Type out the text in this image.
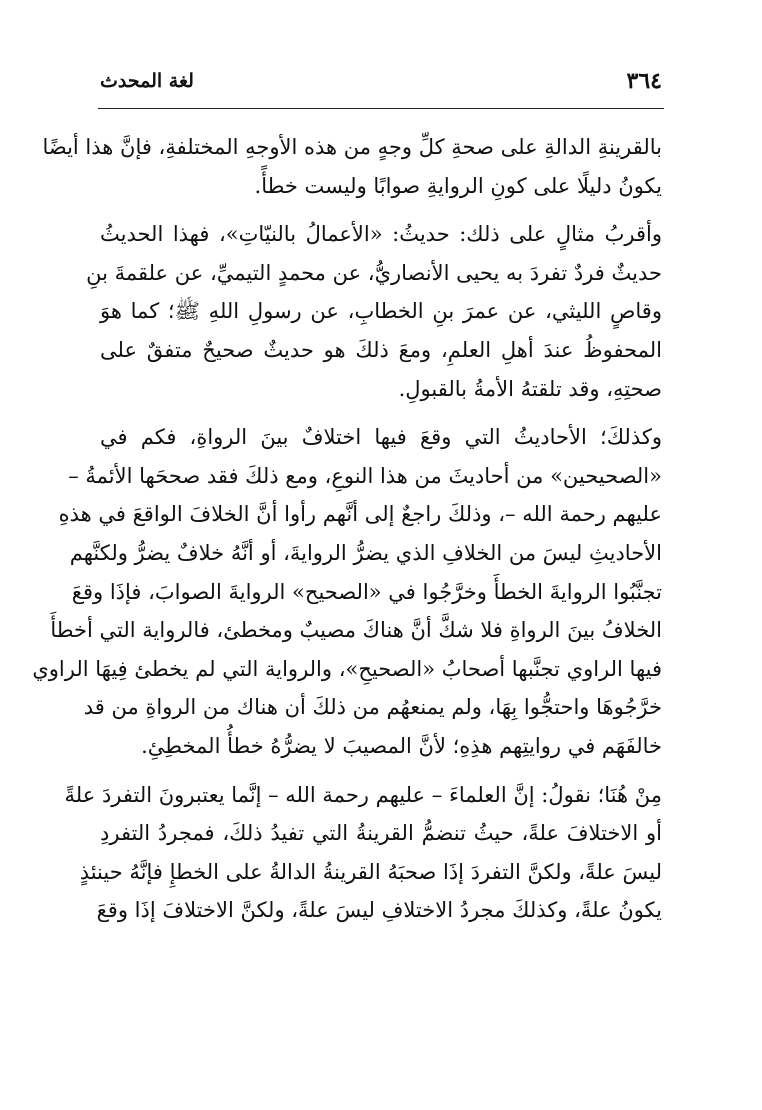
٣٦٤
لغة المحدث
بالقرينةِ الدالةِ على صحةِ كلِّ وجهٍ من هذه الأوجهِ المختلفةِ، فإنَّ هذا أيضًا
يكونُ دليلًا على كونِ الروايةِ صوابًا وليست خطأً.
وأقربُ مثالٍ على ذلك: حديثُ: «الأعمالُ بالنيّاتِ»، فهذا الحديثُ
حديثٌ فردٌ تفردَ به يحيى الأنصاريُّ، عن محمدٍ التيميِّ، عن علقمةَ بنِ
وقاصٍ الليثي، عن عمرَ بنِ الخطابِ، عن رسولِ اللهِ ﷺ؛ كما هوَ
المحفوظُ عندَ أهلِ العلمِ، ومعَ ذلكَ هو حديثٌ صحيحٌ متفقٌ على
صحتِهِ، وقد تلقتهُ الأمةُ بالقبولِ.
وكذلكَ؛ الأحاديثُ التي وقعَ فيها اختلافٌ بينَ الرواةِ، فكم في
«الصحيحين» من أحاديثَ من هذا النوعِ، ومع ذلكَ فقد صححَها الأئمةُ –
عليهم رحمة الله –، وذلكَ راجعٌ إلى أنَّهم رأوا أنَّ الخلافَ الواقعَ في هذهِ
الأحاديثِ ليسَ من الخلافِ الذي يضرُّ الروايةَ، أو أنَّهُ خلافٌ يضرُّ ولكنَّهم
تجنَّبُوا الروايةَ الخطأَ وخرَّجُوا في «الصحيح» الروايةَ الصوابَ، فإذَا وقعَ
الخلافُ بينَ الرواةِ فلا شكَّ أنَّ هناكَ مصيبٌ ومخطئ، فالرواية التي أخطأَ
فيها الراوي تجنَّبها أصحابُ «الصحيحِ»، والرواية التي لم يخطئ فِيهَا الراوي
خرَّجُوهَا واحتجُّوا بِهَا، ولم يمنعهُم من ذلكَ أن هناك من الرواةِ من قد
خالفَهَم في روايتِهم هذِهِ؛ لأنَّ المصيبَ لا يضرُّهُ خطأُ المخطِئِ.
مِنْ هُنَا؛ نقولُ: إنَّ العلماءَ – عليهم رحمة الله – إنَّما يعتبرونَ التفردَ علةً
أو الاختلافَ علةً، حيثُ تنضمُّ القرينةُ التي تفيدُ ذلكَ، فمجردُ التفردِ
ليسَ علةً، ولكنَّ التفردَ إذَا صحبَهُ القرينةُ الدالةُ على الخطإِ فإنَّهُ حينئذٍ
يكونُ علةً، وكذلكَ مجردُ الاختلافِ ليسَ علةً، ولكنَّ الاختلافَ إذَا وقعَ
